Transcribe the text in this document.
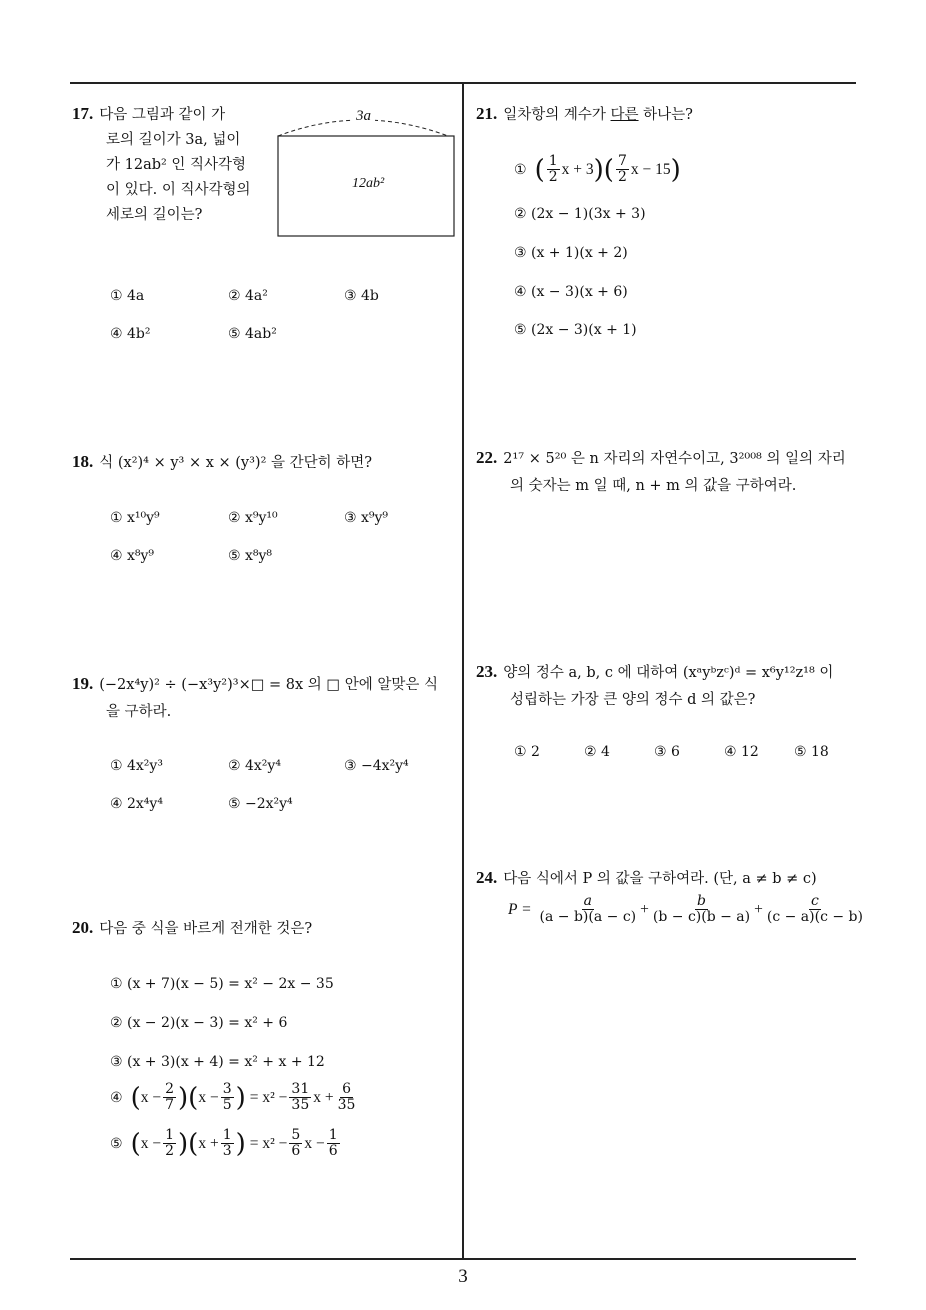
17. 다음 그림과 같이 가
로의 길이가 3a, 넓이
가 12ab² 인 직사각형
이 있다. 이 직사각형의
세로의 길이는?
3a
12ab²
① 4a	② 4a²	③ 4b
④ 4b²	⑤ 4ab²
18. 식 (x²)⁴ × y³ × x × (y³)² 을 간단히 하면?
① x¹⁰y⁹	② x⁹y¹⁰	③ x⁹y⁹
④ x⁸y⁹	⑤ x⁸y⁸
19. (−2x⁴y)² ÷ (−x³y²)³×□ = 8x 의 □ 안에 알맞은 식
을 구하라.
① 4x²y³	② 4x²y⁴	③ −4x²y⁴
④ 2x⁴y⁴	⑤ −2x²y⁴
20. 다음 중 식을 바르게 전개한 것은?
① (x + 7)(x − 5) = x² − 2x − 35
② (x − 2)(x − 3) = x² + 6
③ (x + 3)(x + 4) = x² + x + 12
④ ( $x - \frac{2}{7}$ ) ( $x - \frac{3}{5}$ ) = $x^2 - \frac{31}{35}$ $x + \frac{6}{35}$
⑤ ( $x - \frac{1}{2}$ ) ( $x + \frac{1}{3}$ ) = $x^2 - \frac{5}{6}$ $x - \frac{1}{6}$
21. 일차항의 계수가 다른 하나는?
① ( $\frac{1}{2}$ x + 3 ) ( $\frac{7}{2}$ x − 15 )
② (2x − 1)(3x + 3)
③ (x + 1)(x + 2)
④ (x − 3)(x + 6)
⑤ (2x − 3)(x + 1)
22. 2¹⁷ × 5²⁰ 은 n 자리의 자연수이고, 3²⁰⁰⁸ 의 일의 자리
의 숫자는 m 일 때, n + m 의 값을 구하여라.
23. 양의 정수 a, b, c 에 대하여 (xᵃyᵇzᶜ)ᵈ = x⁶y¹²z¹⁸ 이
성립하는 가장 큰 양의 정수 d 의 값은?
① 2	② 4	③ 6	④ 12	⑤ 18
24. 다음 식에서 P 의 값을 구하여라. (단, a ≠ b ≠ c)
$P = \frac{a}{(a - b)(a - c)} + \frac{b}{(b - c)(b - a)} + \frac{c}{(c - a)(c - b)}$
3
